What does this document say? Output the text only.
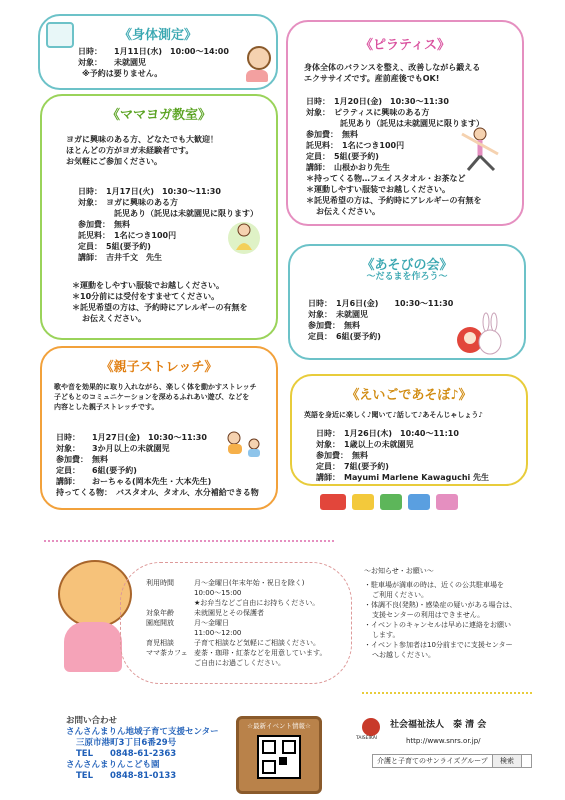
《身体測定》
日時：	1月11日(水)　10:00～14:00
対象：	未就園児
※予約は要りません。
《ピラティス》
身体全体のバランスを整え、改善しながら鍛える
エクササイズです。産前産後でもOK!
日時：　1月20日(金)　10:30～11:30
対象：　ピラティスに興味のある方
託児あり（託児は未就園児に限ります）
参加費：　無料
託児料：　1名につき100円
定員：　5組(要予約)
講師：　山根かおり先生
＊持ってくる物…フェイスタオル・お茶など
＊運動しやすい服装でお越しください。
＊託児希望の方は、予約時にアレルギーの有無を
お伝えください。
《ママヨガ教室》
ヨガに興味のある方、どなたでも大歓迎！
ほとんどの方がヨガ未経験者です。
お気軽にご参加ください。
日時：　1月17日(火)　10:30～11:30
対象：　ヨガに興味のある方
託児あり（託児は未就園児に限ります）
参加費：　無料
託児料：　1名につき100円
定員：　5組(要予約)
講師：　吉井千文　先生
＊運動をしやすい服装でお越しください。
＊10分前には受付をすませてください。
＊託児希望の方は、予約時にアレルギーの有無を
お伝えください。
《あそびの会》
～だるまを作ろう～
日時：　1月6日(金)　　10:30～11:30
対象：　未就園児
参加費：　無料
定員：　6組(要予約)
《親子ストレッチ》
歌や音を効果的に取り入れながら、楽しく体を動かすストレッチ
子どもとのコミュニケーションを深めるふれあい遊び、などを
内容とした親子ストレッチです。
日時：　　1月27日(金)　10:30～11:30
対象：　　3か月以上の未就園児
参加費：　無料
定員：　　6組(要予約)
講師：　　おーちゃる(岡本先生・大本先生)
持ってくる物：　バスタオル、タオル、水分補給できる物
《えいごであそぼ♪》
英語を身近に楽しく♪聞いて♪話して♪あそんじゃしょう♪
日時：　1月26日(木)　10:40～11:10
対象：　1歳以上の未就園児
参加費：　無料
定員：　7組(要予約)
講師：　Mayumi Marlene Kawaguchi 先生
利用時間	月～金曜日(年末年始・祝日を除く)
10:00～15:00
★お弁当などご自由にお持ちください。
対象年齢	未就園児とその保護者
園庭開放	月～金曜日
11:00～12:00
育児相談	子育て相談など気軽にご相談ください。
ママ茶カフェ 麦茶・珈琲・紅茶などを用意しています。
ご自由にお過ごしください。
～お知らせ・お願い～
・駐車場が満車の時は、近くの公共駐車場を
ご利用ください。
・体調不良(発熱)・感染症の疑いがある場合は、
支援センターの利用はできません。
・イベントのキャンセルは早めに連絡をお願い
します。
・イベント参加者は10分前までに支援センター
へお越しください。
お問い合わせ
さんさんまりん地域子育て支援センター
三原市港町3丁目6番29号
TEL　　0848-61-2363
さんさんまりんこども園
TEL　　0848-81-0133
☆最新イベント情報☆
TAISEIKAI
社会福祉法人　泰 清 会
http://www.snrs.or.jp/
介護と子育てのサンライズグループ	検索
